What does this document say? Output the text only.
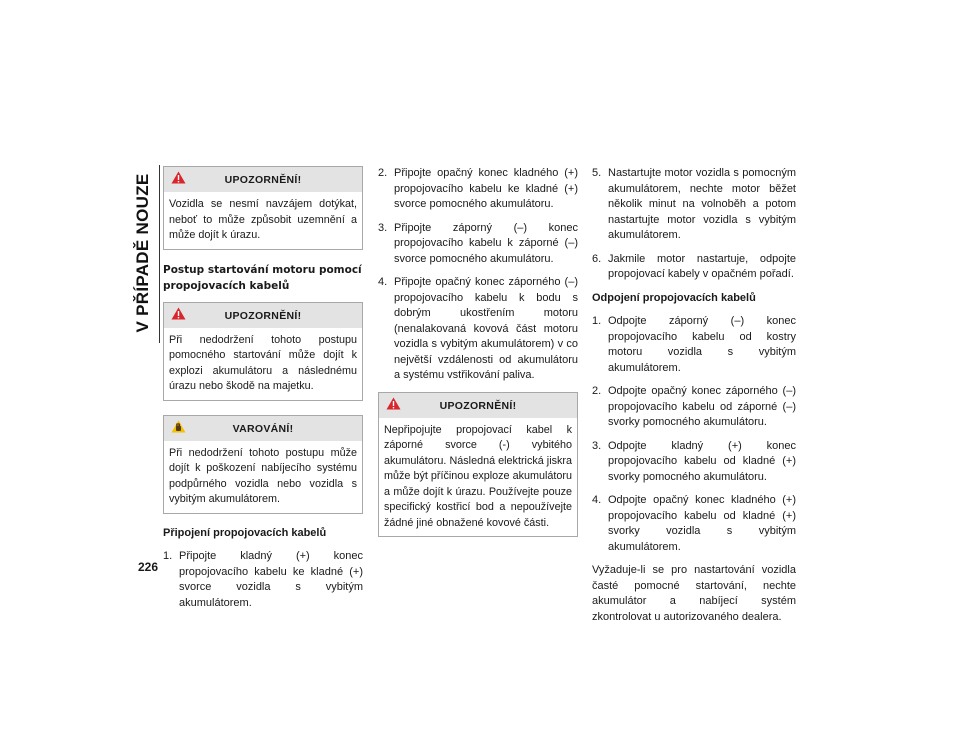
V PŘÍPADĚ NOUZE
226
UPOZORNĚNÍ!
Vozidla se nesmí navzájem dotýkat, neboť to může způsobit uzemnění a může dojít k úrazu.
Postup startování motoru pomocí propojovacích kabelů
UPOZORNĚNÍ!
Při nedodržení tohoto postupu pomocného startování může dojít k explozi akumulátoru a následnému úrazu nebo škodě na majetku.
VAROVÁNÍ!
Při nedodržení tohoto postupu může dojít k poškození nabíjecího systému podpůrného vozidla nebo vozidla s vybitým akumulátorem.
Připojení propojovacích kabelů
1. Připojte kladný (+) konec propojovacího kabelu ke kladné (+) svorce vozidla s vybitým akumulátorem.
2. Připojte opačný konec kladného (+) propojovacího kabelu ke kladné (+) svorce pomocného akumulátoru.
3. Připojte záporný (–) konec propojovacího kabelu k záporné (–) svorce pomocného akumulátoru.
4. Připojte opačný konec záporného (–) propojovacího kabelu k bodu s dobrým ukostřením motoru (nenalakovaná kovová část motoru vozidla s vybitým akumulátorem) v co největší vzdálenosti od akumulátoru a systému vstřikování paliva.
UPOZORNĚNÍ!
Nepřipojujte propojovací kabel k záporné svorce (-) vybitého akumulátoru. Následná elektrická jiskra může být příčinou exploze akumulátoru a může dojít k úrazu. Používejte pouze specifický kostřicí bod a nepoužívejte žádné jiné obnažené kovové části.
5. Nastartujte motor vozidla s pomocným akumulátorem, nechte motor běžet několik minut na volnoběh a potom nastartujte motor vozidla s vybitým akumulátorem.
6. Jakmile motor nastartuje, odpojte propojovací kabely v opačném pořadí.
Odpojení propojovacích kabelů
1. Odpojte záporný (–) konec propojovacího kabelu od kostry motoru vozidla s vybitým akumulátorem.
2. Odpojte opačný konec záporného (–) propojovacího kabelu od záporné (–) svorky pomocného akumulátoru.
3. Odpojte kladný (+) konec propojovacího kabelu od kladné (+) svorky pomocného akumulátoru.
4. Odpojte opačný konec kladného (+) propojovacího kabelu od kladné (+) svorky vozidla s vybitým akumulátorem.
Vyžaduje-li se pro nastartování vozidla časté pomocné startování, nechte akumulátor a nabíjecí systém zkontrolovat u autorizovaného dealera.
